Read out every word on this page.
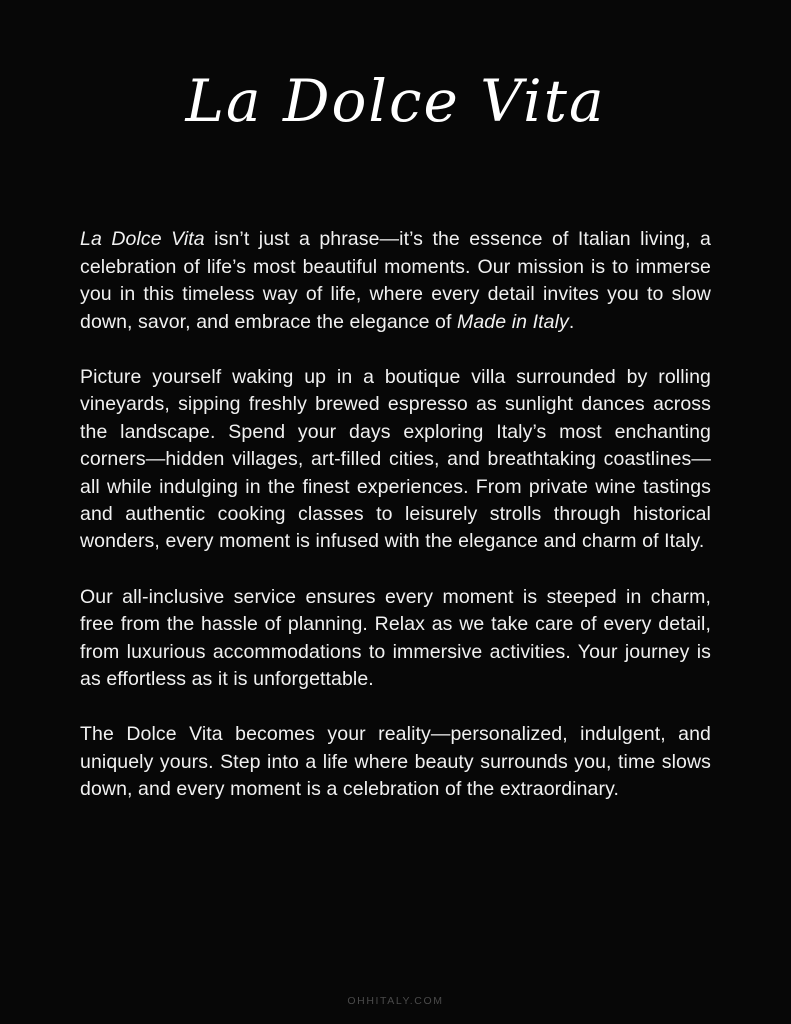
La Dolce Vita

La Dolce Vita isn’t just a phrase—it’s the essence of Italian living, a celebration of life’s most beautiful moments. Our mission is to immerse you in this timeless way of life, where every detail invites you to slow down, savor, and embrace the elegance of Made in Italy.

Picture yourself waking up in a boutique villa surrounded by rolling vineyards, sipping freshly brewed espresso as sunlight dances across the landscape. Spend your days exploring Italy’s most enchanting corners—hidden villages, art-filled cities, and breathtaking coastlines—all while indulging in the finest experiences. From private wine tastings and authentic cooking classes to leisurely strolls through historical wonders, every moment is infused with the elegance and charm of Italy.

Our all-inclusive service ensures every moment is steeped in charm, free from the hassle of planning. Relax as we take care of every detail, from luxurious accommodations to immersive activities. Your journey is as effortless as it is unforgettable.

The Dolce Vita becomes your reality—personalized, indulgent, and uniquely yours. Step into a life where beauty surrounds you, time slows down, and every moment is a celebration of the extraordinary.

OHHITALY.COM
